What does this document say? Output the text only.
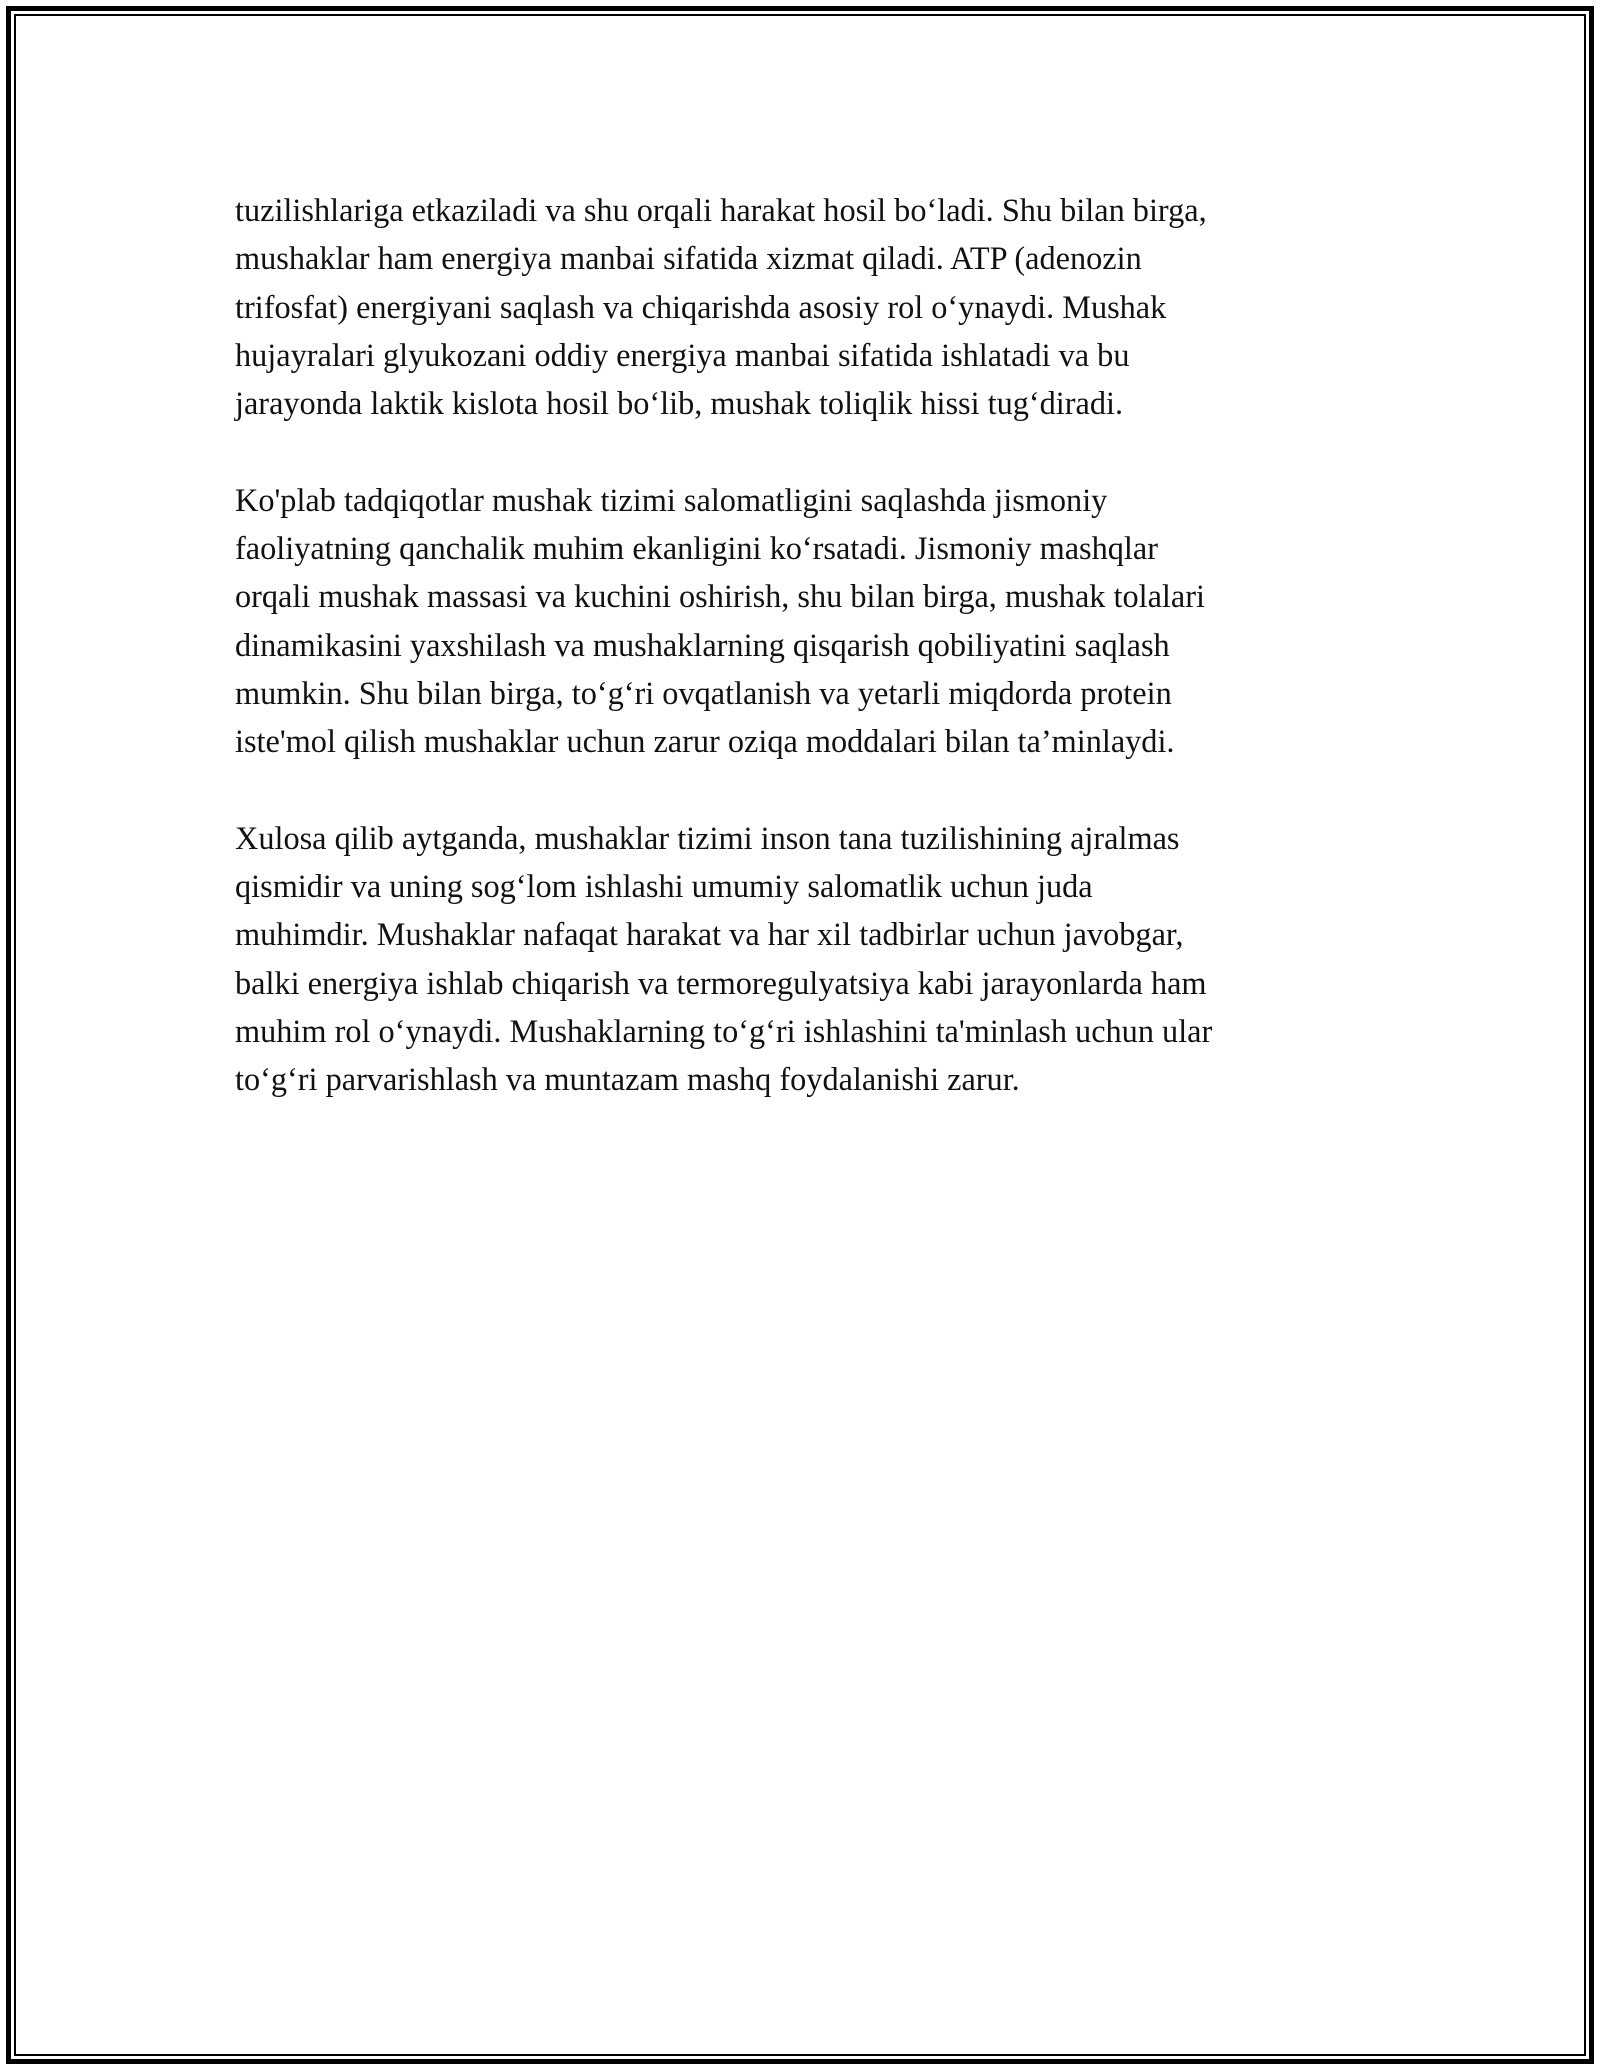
tuzilishlariga etkaziladi va shu orqali harakat hosil bo‘ladi. Shu bilan birga,
mushaklar ham energiya manbai sifatida xizmat qiladi. ATP (adenozin
trifosfat) energiyani saqlash va chiqarishda asosiy rol o‘ynaydi. Mushak
hujayralari glyukozani oddiy energiya manbai sifatida ishlatadi va bu
jarayonda laktik kislota hosil bo‘lib, mushak toliqlik hissi tug‘diradi.

Ko'plab tadqiqotlar mushak tizimi salomatligini saqlashda jismoniy
faoliyatning qanchalik muhim ekanligini ko‘rsatadi. Jismoniy mashqlar
orqali mushak massasi va kuchini oshirish, shu bilan birga, mushak tolalari
dinamikasini yaxshilash va mushaklarning qisqarish qobiliyatini saqlash
mumkin. Shu bilan birga, to‘g‘ri ovqatlanish va yetarli miqdorda protein
iste'mol qilish mushaklar uchun zarur oziqa moddalari bilan ta’minlaydi.

Xulosa qilib aytganda, mushaklar tizimi inson tana tuzilishining ajralmas
qismidir va uning sog‘lom ishlashi umumiy salomatlik uchun juda
muhimdir. Mushaklar nafaqat harakat va har xil tadbirlar uchun javobgar,
balki energiya ishlab chiqarish va termoregulyatsiya kabi jarayonlarda ham
muhim rol o‘ynaydi. Mushaklarning to‘g‘ri ishlashini ta'minlash uchun ular
to‘g‘ri parvarishlash va muntazam mashq foydalanishi zarur.
